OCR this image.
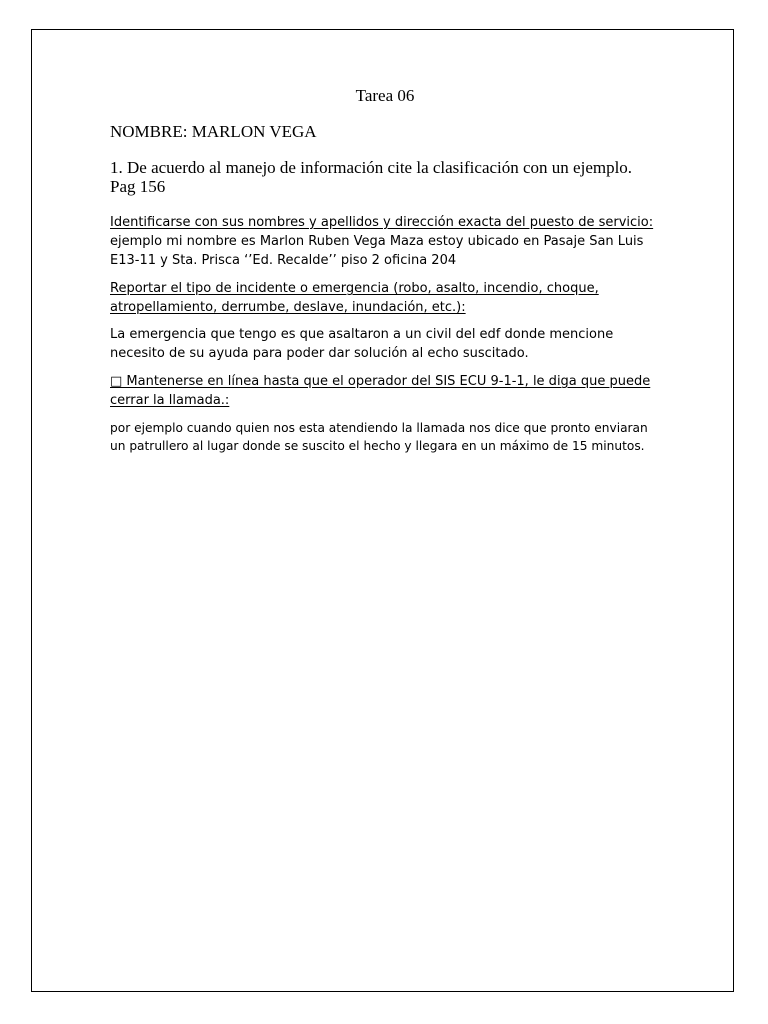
Tarea 06

NOMBRE: MARLON VEGA

1. De acuerdo al manejo de información cite la clasificación con un ejemplo. Pag 156

Identificarse con sus nombres y apellidos y dirección exacta del puesto de servicio:
ejemplo mi nombre es Marlon Ruben Vega Maza estoy ubicado en Pasaje San Luis E13-11 y Sta. Prisca ‘’Ed. Recalde’’ piso 2 oficina 204

Reportar el tipo de incidente o emergencia (robo, asalto, incendio, choque, atropellamiento, derrumbe, deslave, inundación, etc.):

La emergencia que tengo es que asaltaron a un civil del edf donde mencione necesito de su ayuda para poder dar solución al echo suscitado.

□ Mantenerse en línea hasta que el operador del SIS ECU 9-1-1, le diga que puede cerrar la llamada.:

por ejemplo cuando quien nos esta atendiendo la llamada nos dice que pronto enviaran un patrullero al lugar donde se suscito el hecho y llegara en un máximo de 15 minutos.
